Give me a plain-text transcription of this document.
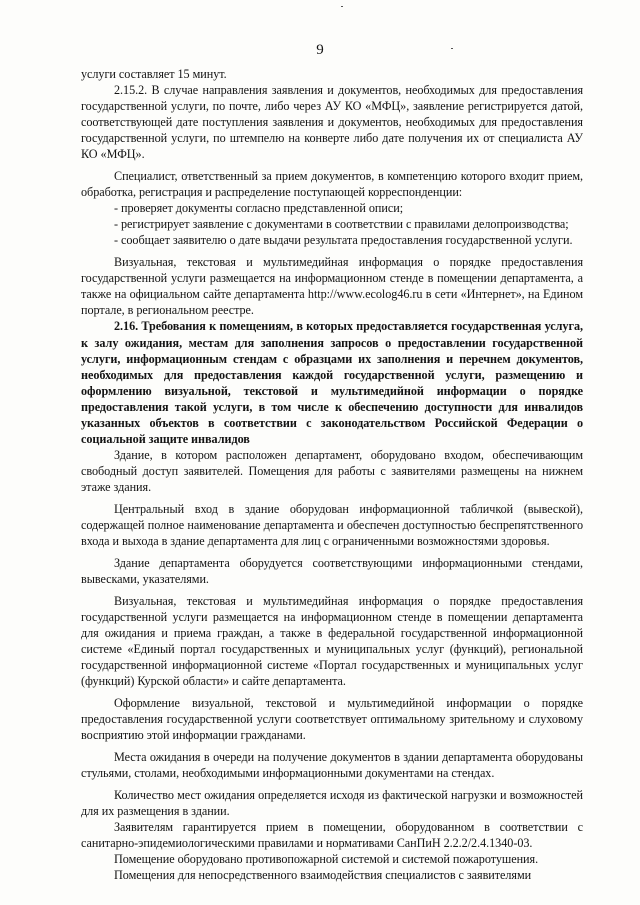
9

услуги составляет 15 минут.

2.15.2. В случае направления заявления и документов, необходимых для предоставления государственной услуги, по почте, либо через АУ КО «МФЦ», заявление регистрируется датой, соответствующей дате поступления заявления и документов, необходимых для предоставления государственной услуги, по штемпелю на конверте либо дате получения их от специалиста АУ КО «МФЦ».

Специалист, ответственный за прием документов, в компетенцию которого входит прием, обработка, регистрация и распределение поступающей корреспонденции:

- проверяет документы согласно представленной описи;

- регистрирует заявление с документами в соответствии с правилами делопроизводства;

- сообщает заявителю о дате выдачи результата предоставления государственной услуги.

Визуальная, текстовая и мультимедийная информация о порядке предоставления государственной услуги размещается на информационном стенде в помещении департамента, а также на официальном сайте департамента http://www.ecolog46.ru в сети «Интернет», на Едином портале, в региональном реестре.

2.16. Требования к помещениям, в которых предоставляется государственная услуга, к залу ожидания, местам для заполнения запросов о предоставлении государственной услуги, информационным стендам с образцами их заполнения и перечнем документов, необходимых для предоставления каждой государственной услуги, размещению и оформлению визуальной, текстовой и мультимедийной информации о порядке предоставления такой услуги, в том числе к обеспечению доступности для инвалидов указанных объектов в соответствии с законодательством Российской Федерации о социальной защите инвалидов

Здание, в котором расположен департамент, оборудовано входом, обеспечивающим свободный доступ заявителей. Помещения для работы с заявителями размещены на нижнем этаже здания.

Центральный вход в здание оборудован информационной табличкой (вывеской), содержащей полное наименование департамента и обеспечен доступностью беспрепятственного входа и выхода в здание департамента для лиц с ограниченными возможностями здоровья.

Здание департамента оборудуется соответствующими информационными стендами, вывесками, указателями.

Визуальная, текстовая и мультимедийная информация о порядке предоставления государственной услуги размещается на информационном стенде в помещении департамента для ожидания и приема граждан, а также в федеральной государственной информационной системе «Единый портал государственных и муниципальных услуг (функций), региональной государственной информационной системе «Портал государственных и муниципальных услуг (функций) Курской области» и сайте департамента.

Оформление визуальной, текстовой и мультимедийной информации о порядке предоставления государственной услуги соответствует оптимальному зрительному и слуховому восприятию этой информации гражданами.

Места ожидания в очереди на получение документов в здании департамента оборудованы стульями, столами, необходимыми информационными документами на стендах.

Количество мест ожидания определяется исходя из фактической нагрузки и возможностей для их размещения в здании.

Заявителям гарантируется прием в помещении, оборудованном в соответствии с санитарно-эпидемиологическими правилами и нормативами СанПиН 2.2.2/2.4.1340-03.

Помещение оборудовано противопожарной системой и системой пожаротушения.

Помещения для непосредственного взаимодействия специалистов с заявителями
